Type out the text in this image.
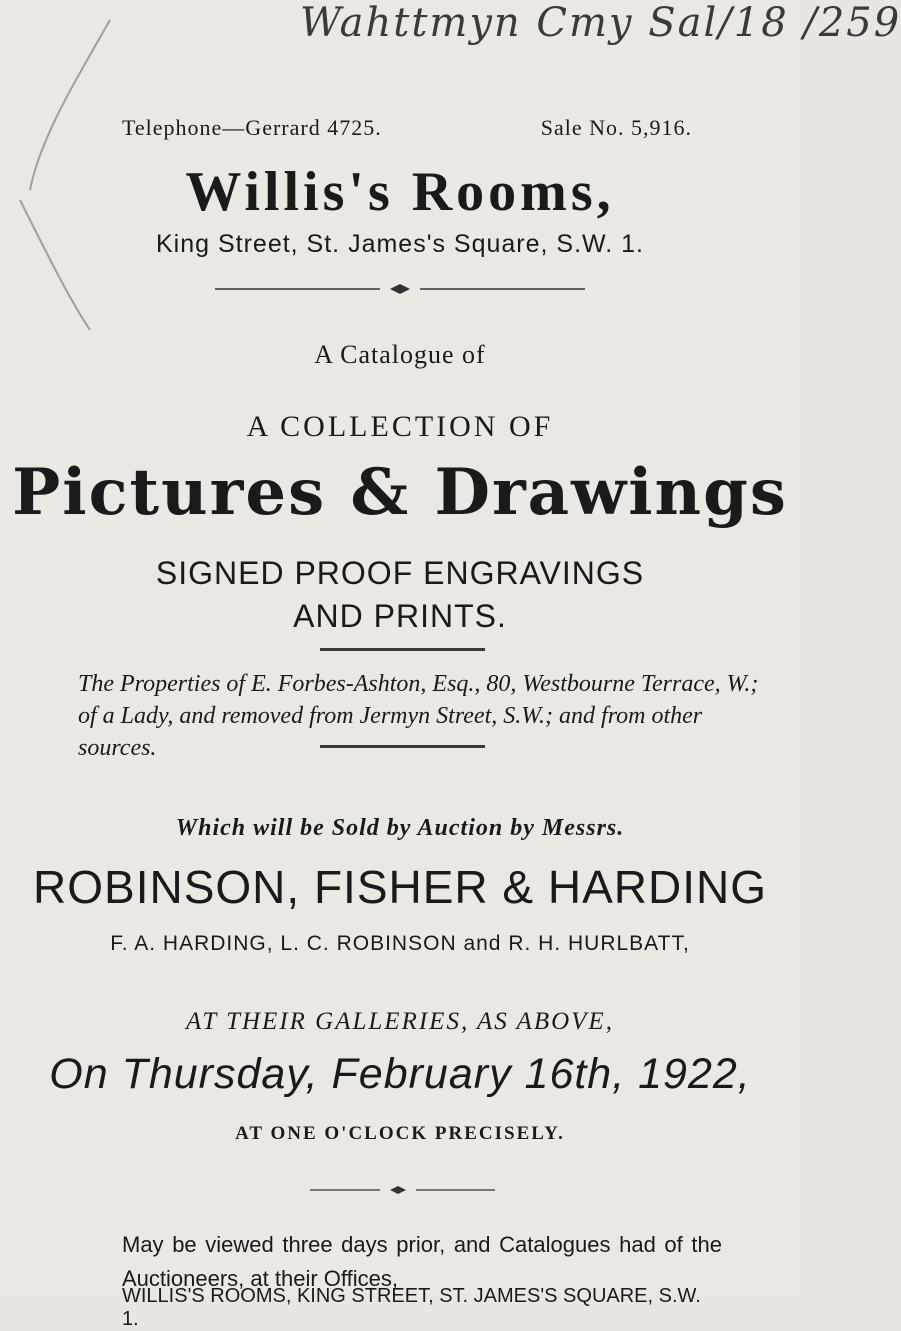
Wahttmyn Cmy Sal/18 /259
Telephone—Gerrard 4725.	Sale No. 5,916.
Willis's Rooms,
King Street, St. James's Square, S.W. 1.
A Catalogue of
A COLLECTION OF
Pictures & Drawings
SIGNED PROOF ENGRAVINGS
AND PRINTS.
The Properties of E. Forbes-Ashton, Esq., 80, Westbourne Terrace, W.; of a Lady, and removed from Jermyn Street, S.W.; and from other sources.
Which will be Sold by Auction by Messrs.
ROBINSON, FISHER & HARDING
F. A. HARDING, L. C. ROBINSON and R. H. HURLBATT,
AT THEIR GALLERIES, AS ABOVE,
On Thursday, February 16th, 1922,
AT ONE O'CLOCK PRECISELY.
May be viewed three days prior, and Catalogues had of the Auctioneers, at their Offices,
WILLIS'S ROOMS, KING STREET, ST. JAMES'S SQUARE, S.W. 1.
